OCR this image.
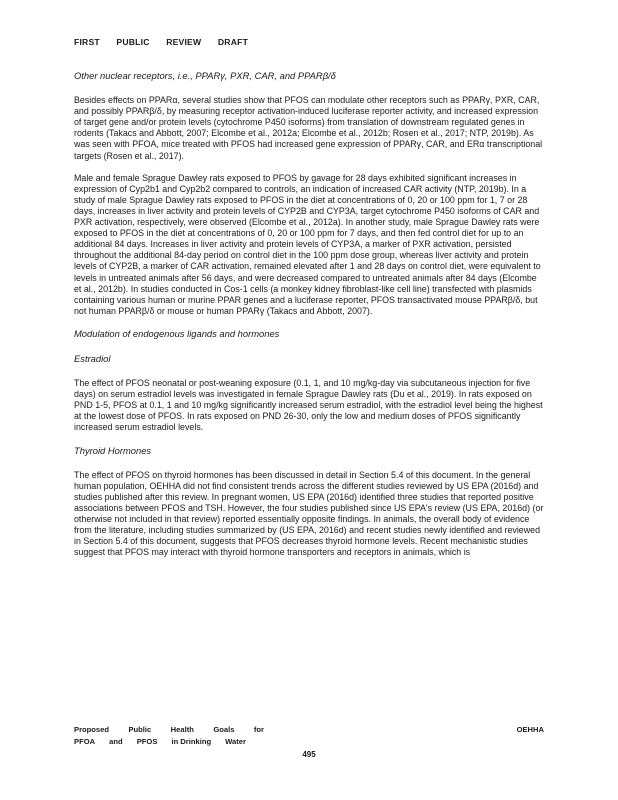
FIRST PUBLIC REVIEW DRAFT
Other nuclear receptors, i.e., PPARγ, PXR, CAR, and PPARβ/δ

Besides effects on PPARα, several studies show that PFOS can modulate other receptors such as PPARγ, PXR, CAR, and possibly PPARβ/δ, by measuring receptor activation-induced luciferase reporter activity, and increased expression of target gene and/or protein levels (cytochrome P450 isoforms) from translation of downstream regulated genes in rodents (Takacs and Abbott, 2007; Elcombe et al., 2012a; Elcombe et al., 2012b; Rosen et al., 2017; NTP, 2019b). As was seen with PFOA, mice treated with PFOS had increased gene expression of PPARγ, CAR, and ERα transcriptional targets (Rosen et al., 2017).

Male and female Sprague Dawley rats exposed to PFOS by gavage for 28 days exhibited significant increases in expression of Cyp2b1 and Cyp2b2 compared to controls, an indication of increased CAR activity (NTP, 2019b). In a study of male Sprague Dawley rats exposed to PFOS in the diet at concentrations of 0, 20 or 100 ppm for 1, 7 or 28 days, increases in liver activity and protein levels of CYP2B and CYP3A, target cytochrome P450 isoforms of CAR and PXR activation, respectively, were observed (Elcombe et al., 2012a). In another study, male Sprague Dawley rats were exposed to PFOS in the diet at concentrations of 0, 20 or 100 ppm for 7 days, and then fed control diet for up to an additional 84 days. Increases in liver activity and protein levels of CYP3A, a marker of PXR activation, persisted throughout the additional 84-day period on control diet in the 100 ppm dose group, whereas liver activity and protein levels of CYP2B, a marker of CAR activation, remained elevated after 1 and 28 days on control diet, were equivalent to levels in untreated animals after 56 days, and were decreased compared to untreated animals after 84 days (Elcombe et al., 2012b). In studies conducted in Cos-1 cells (a monkey kidney fibroblast-like cell line) transfected with plasmids containing various human or murine PPAR genes and a luciferase reporter, PFOS transactivated mouse PPARβ/δ, but not human PPARβ/δ or mouse or human PPARγ (Takacs and Abbott, 2007).

Modulation of endogenous ligands and hormones
Estradiol

The effect of PFOS neonatal or post-weaning exposure (0.1, 1, and 10 mg/kg-day via subcutaneous injection for five days) on serum estradiol levels was investigated in female Sprague Dawley rats (Du et al., 2019). In rats exposed on PND 1-5, PFOS at 0.1, 1 and 10 mg/kg significantly increased serum estradiol, with the estradiol level being the highest at the lowest dose of PFOS. In rats exposed on PND 26-30, only the low and medium doses of PFOS significantly increased serum estradiol levels.

Thyroid Hormones

The effect of PFOS on thyroid hormones has been discussed in detail in Section 5.4 of this document. In the general human population, OEHHA did not find consistent trends across the different studies reviewed by US EPA (2016d) and studies published after this review. In pregnant women, US EPA (2016d) identified three studies that reported positive associations between PFOS and TSH. However, the four studies published since US EPA's review (US EPA, 2016d) (or otherwise not included in that review) reported essentially opposite findings. In animals, the overall body of evidence from the literature, including studies summarized by (US EPA, 2016d) and recent studies newly identified and reviewed in Section 5.4 of this document, suggests that PFOS decreases thyroid hormone levels. Recent mechanistic studies suggest that PFOS may interact with thyroid hormone transporters and receptors in animals, which is

Proposed	Public	Health	Goals	for	OEHHA
PFOA and PFOS in Drinking Water
495
